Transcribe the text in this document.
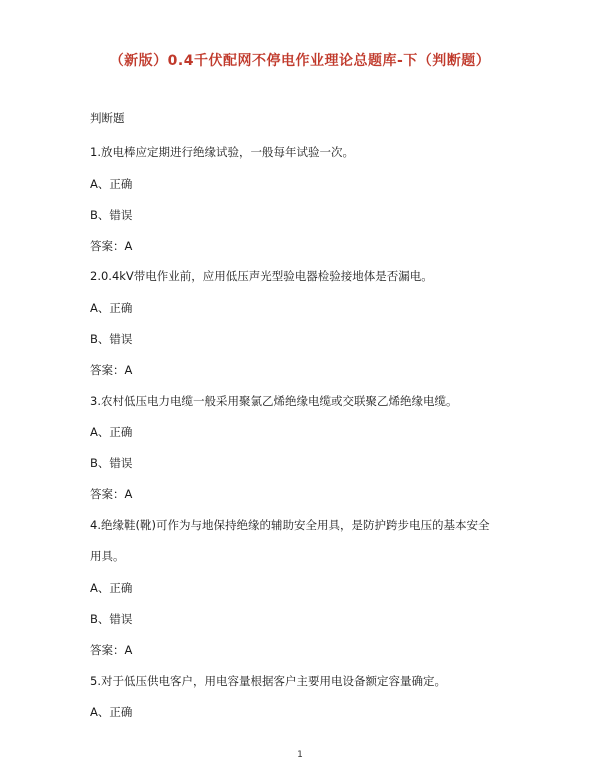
（新版）0.4千伏配网不停电作业理论总题库-下（判断题）
判断题
1.放电棒应定期进行绝缘试验，一般每年试验一次。
A、正确
B、错误
答案：A
2.0.4kV带电作业前，应用低压声光型验电器检验接地体是否漏电。
A、正确
B、错误
答案：A
3.农村低压电力电缆一般采用聚氯乙烯绝缘电缆或交联聚乙烯绝缘电缆。
A、正确
B、错误
答案：A
4.绝缘鞋(靴)可作为与地保持绝缘的辅助安全用具，是防护跨步电压的基本安全
用具。
A、正确
B、错误
答案：A
5.对于低压供电客户，用电容量根据客户主要用电设备额定容量确定。
A、正确
1
